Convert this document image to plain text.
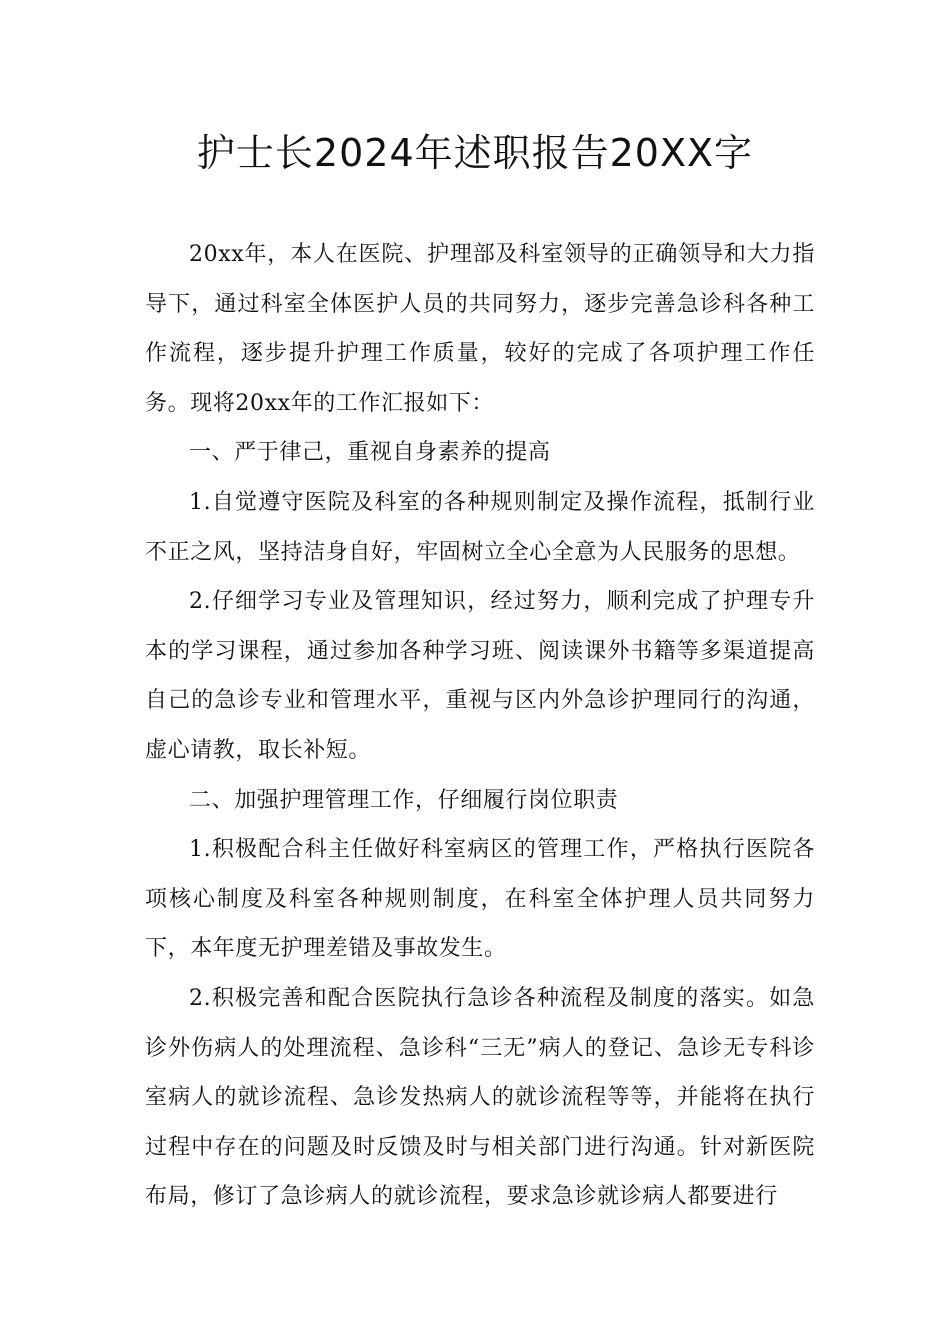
护士长2024年述职报告20XX字

20xx年，本人在医院、护理部及科室领导的正确领导和大力指导下，通过科室全体医护人员的共同努力，逐步完善急诊科各种工作流程，逐步提升护理工作质量，较好的完成了各项护理工作任务。现将20xx年的工作汇报如下：

一、严于律己，重视自身素养的提高

1.自觉遵守医院及科室的各种规则制定及操作流程，抵制行业不正之风，坚持洁身自好，牢固树立全心全意为人民服务的思想。

2.仔细学习专业及管理知识，经过努力，顺利完成了护理专升本的学习课程，通过参加各种学习班、阅读课外书籍等多渠道提高自己的急诊专业和管理水平，重视与区内外急诊护理同行的沟通，虚心请教，取长补短。

二、加强护理管理工作，仔细履行岗位职责

1.积极配合科主任做好科室病区的管理工作，严格执行医院各项核心制度及科室各种规则制度，在科室全体护理人员共同努力下，本年度无护理差错及事故发生。

2.积极完善和配合医院执行急诊各种流程及制度的落实。如急诊外伤病人的处理流程、急诊科“三无”病人的登记、急诊无专科诊室病人的就诊流程、急诊发热病人的就诊流程等等，并能将在执行过程中存在的问题及时反馈及时与相关部门进行沟通。针对新医院布局，修订了急诊病人的就诊流程，要求急诊就诊病人都要进行
